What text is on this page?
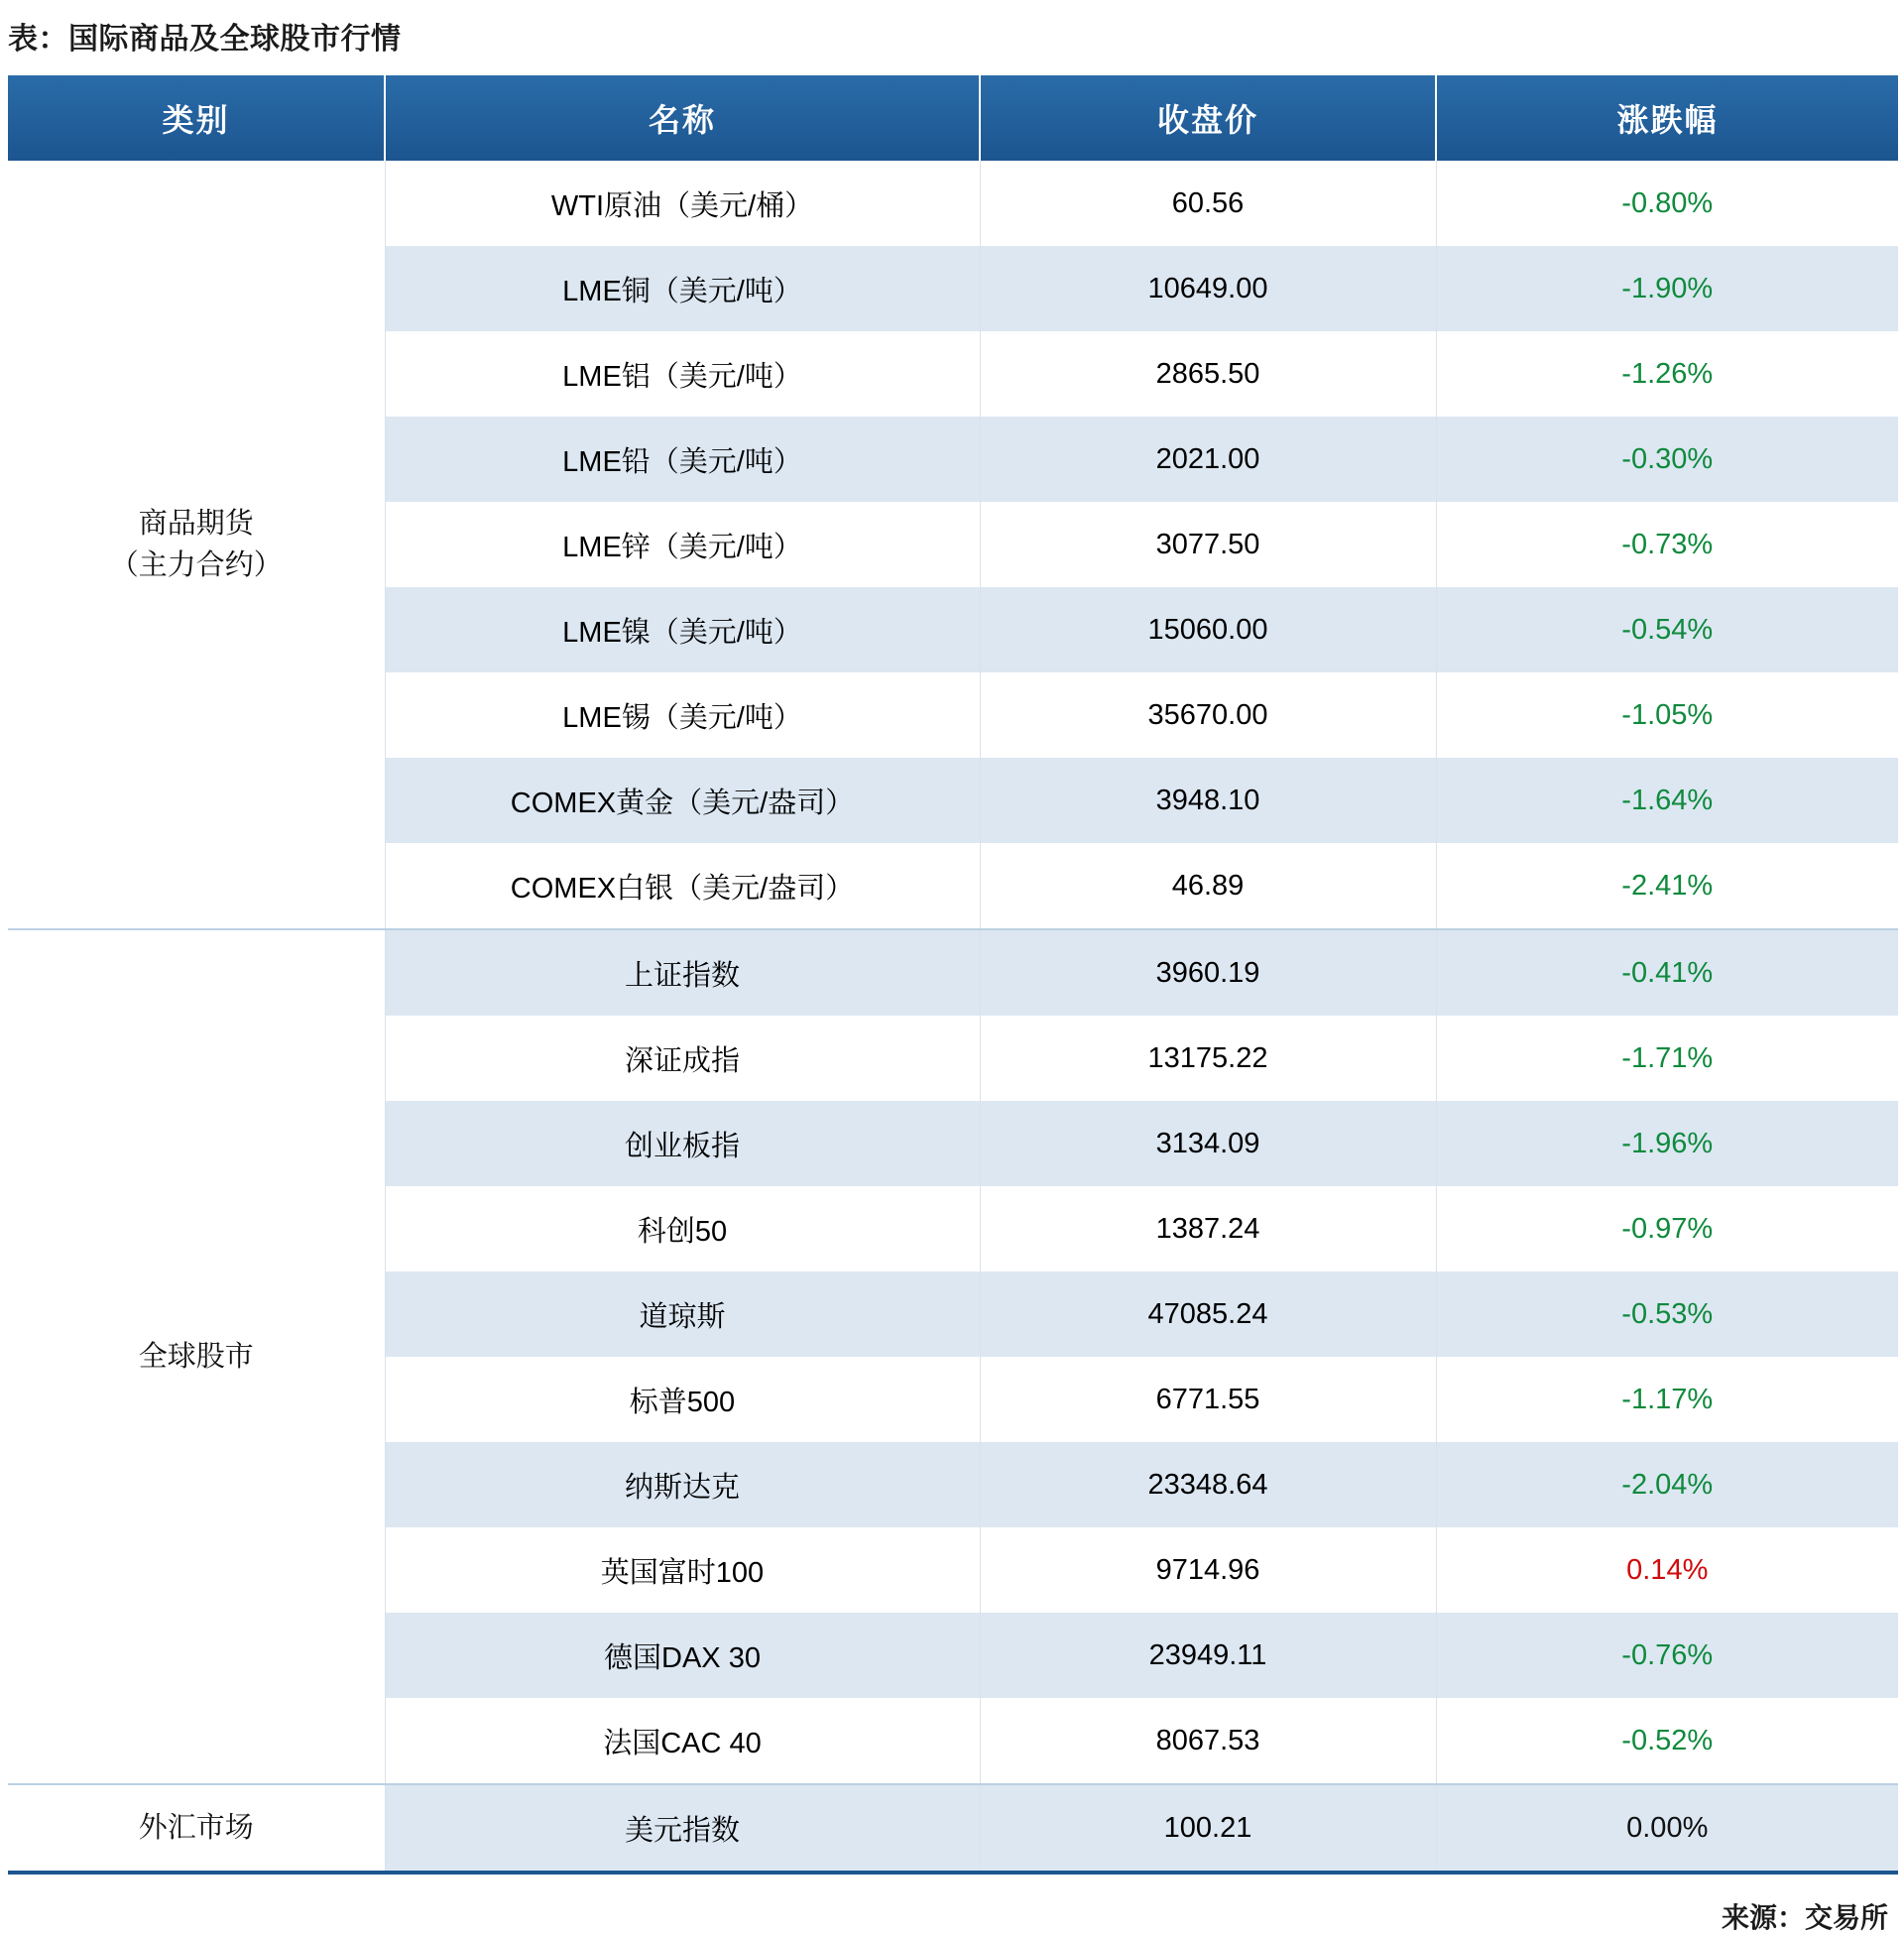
表：国际商品及全球股市行情
类别	名称	收盘价	涨跌幅

商品期货
（主力合约）	WTI原油（美元/桶）	60.56	-0.80%
	LME铜（美元/吨）	10649.00	-1.90%
	LME铝（美元/吨）	2865.50	-1.26%
	LME铅（美元/吨）	2021.00	-0.30%
	LME锌（美元/吨）	3077.50	-0.73%
	LME镍（美元/吨）	15060.00	-0.54%
	LME锡（美元/吨）	35670.00	-1.05%
	COMEX黄金（美元/盎司）	3948.10	-1.64%
	COMEX白银（美元/盎司）	46.89	-2.41%

全球股市	上证指数	3960.19	-0.41%
	深证成指	13175.22	-1.71%
	创业板指	3134.09	-1.96%
	科创50	1387.24	-0.97%
	道琼斯	47085.24	-0.53%
	标普500	6771.55	-1.17%
	纳斯达克	23348.64	-2.04%
	英国富时100	9714.96	0.14%
	德国DAX 30	23949.11	-0.76%
	法国CAC 40	8067.53	-0.52%

外汇市场	美元指数	100.21	0.00%
来源：交易所
